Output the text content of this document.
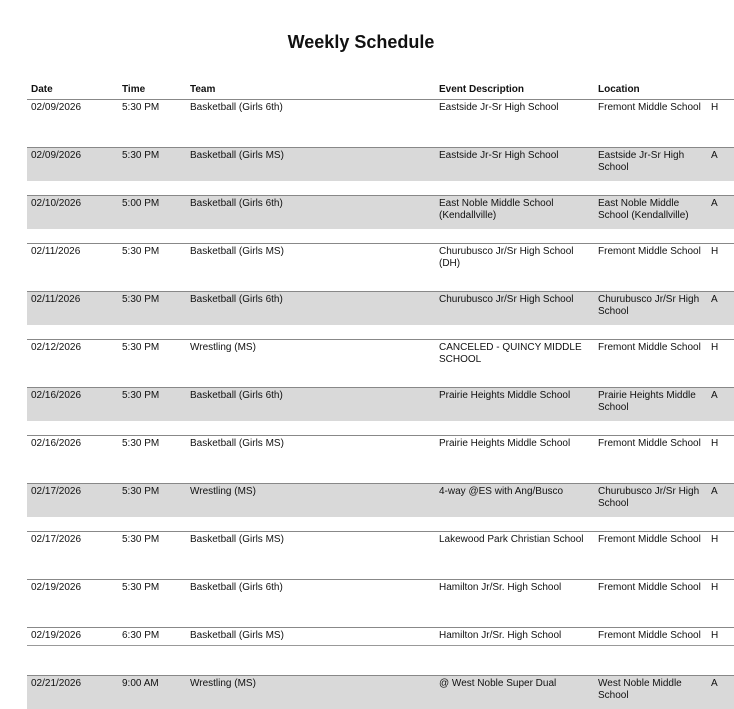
Weekly Schedule
Date	Time	Team	Event Description	Location	
02/09/2026	5:30 PM	Basketball (Girls 6th)	Eastside Jr-Sr High School	Fremont Middle School	H

02/09/2026	5:30 PM	Basketball (Girls MS)	Eastside Jr-Sr High School	Eastside Jr-Sr High School	A

02/10/2026	5:00 PM	Basketball (Girls 6th)	East Noble Middle School (Kendallville)	East Noble Middle School (Kendallville)	A

02/11/2026	5:30 PM	Basketball (Girls MS)	Churubusco Jr/Sr High School (DH)	Fremont Middle School	H

02/11/2026	5:30 PM	Basketball (Girls 6th)	Churubusco Jr/Sr High School	Churubusco Jr/Sr High School	A

02/12/2026	5:30 PM	Wrestling (MS)	CANCELED - QUINCY MIDDLE SCHOOL	Fremont Middle School	H

02/16/2026	5:30 PM	Basketball (Girls 6th)	Prairie Heights Middle School	Prairie Heights Middle School	A

02/16/2026	5:30 PM	Basketball (Girls MS)	Prairie Heights Middle School	Fremont Middle School	H

02/17/2026	5:30 PM	Wrestling (MS)	4-way @ES with Ang/Busco	Churubusco Jr/Sr High School	A

02/17/2026	5:30 PM	Basketball (Girls MS)	Lakewood Park Christian School	Fremont Middle School	H

02/19/2026	5:30 PM	Basketball (Girls 6th)	Hamilton Jr/Sr. High School	Fremont Middle School	H

02/19/2026	6:30 PM	Basketball (Girls MS)	Hamilton Jr/Sr. High School	Fremont Middle School	H

02/21/2026	9:00 AM	Wrestling (MS)	@ West Noble Super Dual	West Noble Middle School	A
